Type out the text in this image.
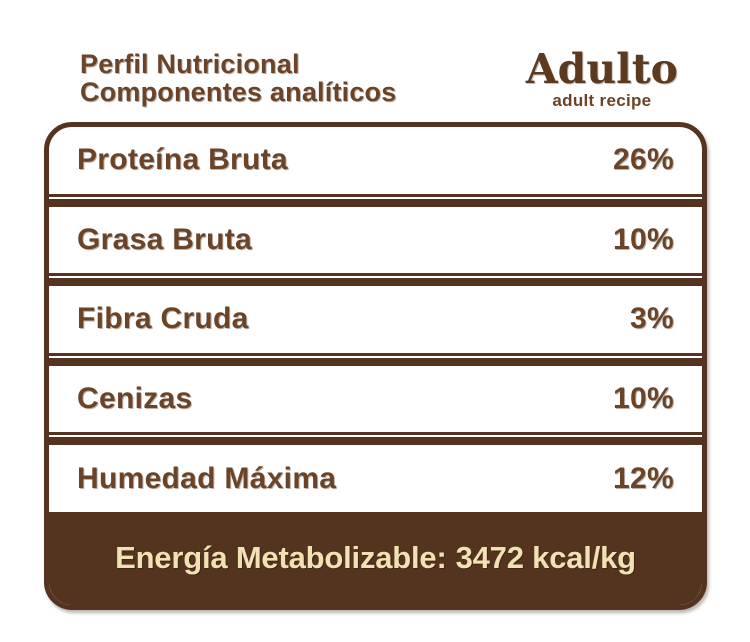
Perfil Nutricional
Componentes analíticos	Adulto
adult recipe
Proteína Bruta	26%
Grasa Bruta	10%
Fibra Cruda	3%
Cenizas	10%
Humedad Máxima	12%
Energía Metabolizable: 3472 kcal/kg
